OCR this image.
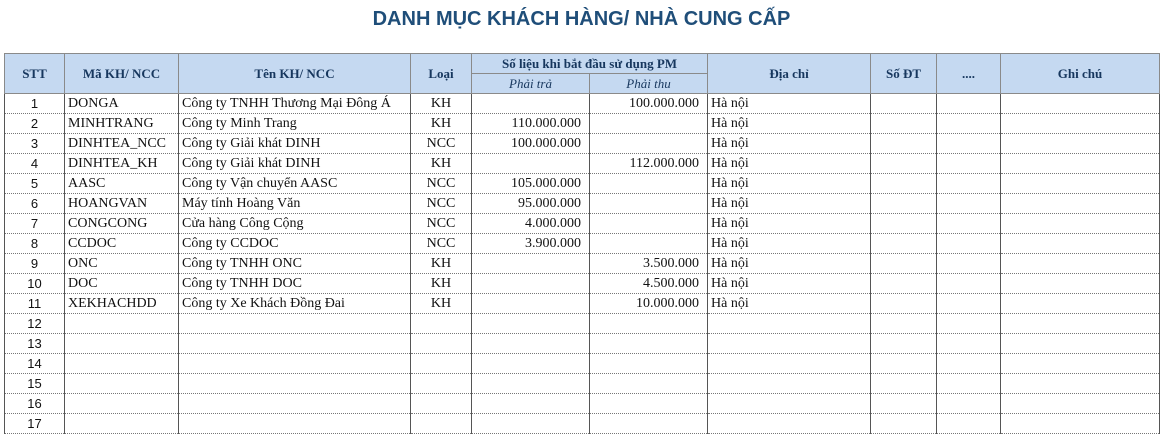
DANH MỤC KHÁCH HÀNG/ NHÀ CUNG CẤP
STT	Mã KH/ NCC	Tên KH/ NCC	Loại	Số liệu khi bắt đầu sử dụng PM		Địa chỉ	Số ĐT	....	Ghi chú
				Phải trả	Phải thu				
1	DONGA	Công ty TNHH Thương Mại Đông Á	KH		100.000.000	Hà nội			
2	MINHTRANG	Công ty Minh Trang	KH	110.000.000		Hà nội			
3	DINHTEA_NCC	Công ty Giải khát DINH	NCC	100.000.000		Hà nội			
4	DINHTEA_KH	Công ty Giải khát DINH	KH		112.000.000	Hà nội			
5	AASC	Công ty Vận chuyển AASC	NCC	105.000.000		Hà nội			
6	HOANGVAN	Máy tính Hoàng Văn	NCC	95.000.000		Hà nội			
7	CONGCONG	Cửa hàng Công Cộng	NCC	4.000.000		Hà nội			
8	CCDOC	Công ty CCDOC	NCC	3.900.000		Hà nội			
9	ONC	Công ty TNHH ONC	KH		3.500.000	Hà nội			
10	DOC	Công ty TNHH DOC	KH		4.500.000	Hà nội			
11	XEKHACHDD	Công ty Xe Khách Đồng Đai	KH		10.000.000	Hà nội			
12									
13									
14									
15									
16									
17									
